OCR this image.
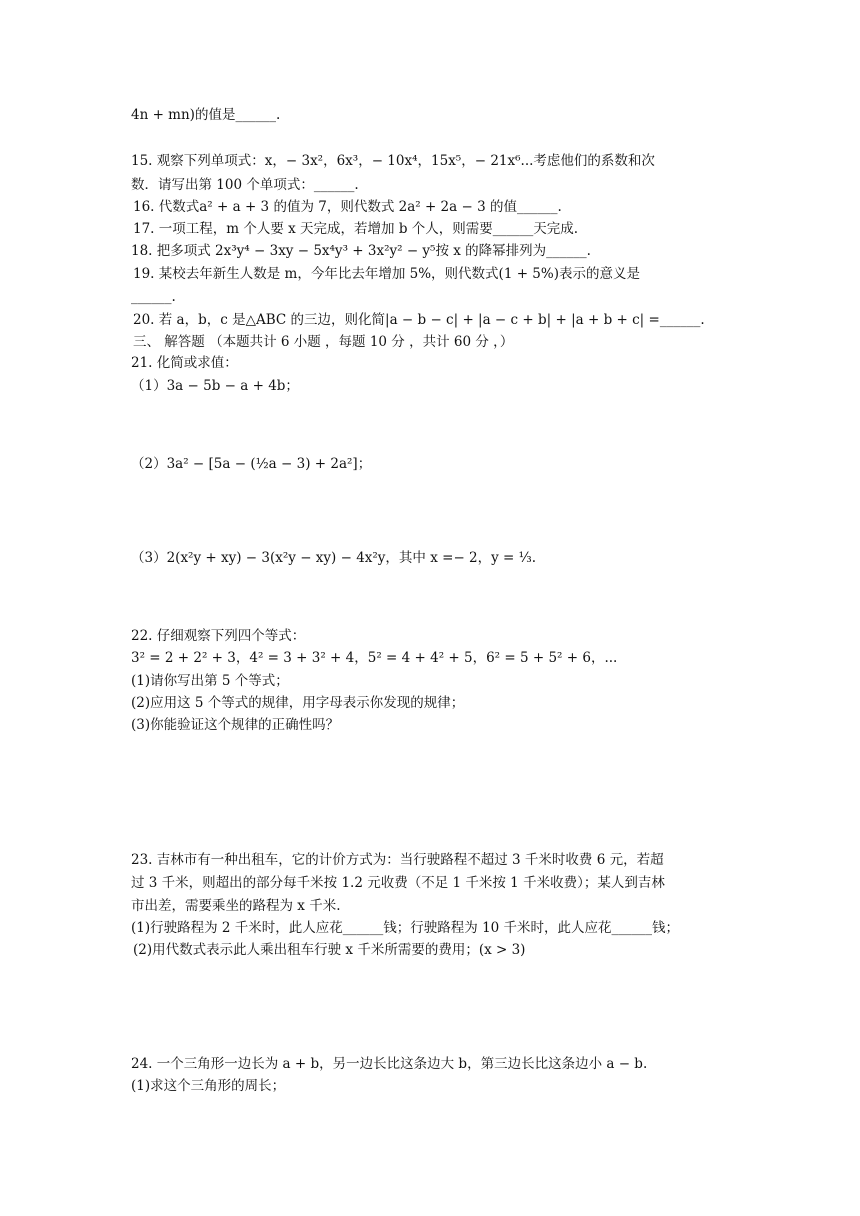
4n + mn)的值是______.
15. 观察下列单项式：x，− 3x²，6x³，− 10x⁴，15x⁵，− 21x⁶...考虑他们的系数和次
数．请写出第 100 个单项式：______.
16. 代数式a² + a + 3 的值为 7，则代数式 2a² + 2a − 3 的值______.
17. 一项工程，m 个人要 x 天完成，若增加 b 个人，则需要______天完成.
18. 把多项式 2x³y⁴ − 3xy − 5x⁴y³ + 3x²y² − y⁵按 x 的降幂排列为______.
19. 某校去年新生人数是 m，今年比去年增加 5%，则代数式(1 + 5%)表示的意义是
______.
20. 若 a，b，c 是△ABC 的三边，则化简|a − b − c| + |a − c + b| + |a + b + c| =______.
三、 解答题 （本题共计 6 小题 ，每题 10 分 ，共计 60 分 ，）
21. 化简或求值：
（1）3a − 5b − a + 4b；
（2）3a² − [5a − (½a − 3) + 2a²]；
（3）2(x²y + xy) − 3(x²y − xy) − 4x²y，其中 x =− 2，y = ⅓.
22. 仔细观察下列四个等式：
3² = 2 + 2² + 3，4² = 3 + 3² + 4，5² = 4 + 4² + 5，6² = 5 + 5² + 6，...
(1)请你写出第 5 个等式；
(2)应用这 5 个等式的规律，用字母表示你发现的规律；
(3)你能验证这个规律的正确性吗？
23. 吉林市有一种出租车，它的计价方式为：当行驶路程不超过 3 千米时收费 6 元，若超
过 3 千米，则超出的部分每千米按 1.2 元收费（不足 1 千米按 1 千米收费）；某人到吉林
市出差，需要乘坐的路程为 x 千米.
(1)行驶路程为 2 千米时，此人应花______钱；行驶路程为 10 千米时，此人应花______钱；
(2)用代数式表示此人乘出租车行驶 x 千米所需要的费用；(x > 3)
24. 一个三角形一边长为 a + b，另一边长比这条边大 b，第三边长比这条边小 a − b.
(1)求这个三角形的周长；
